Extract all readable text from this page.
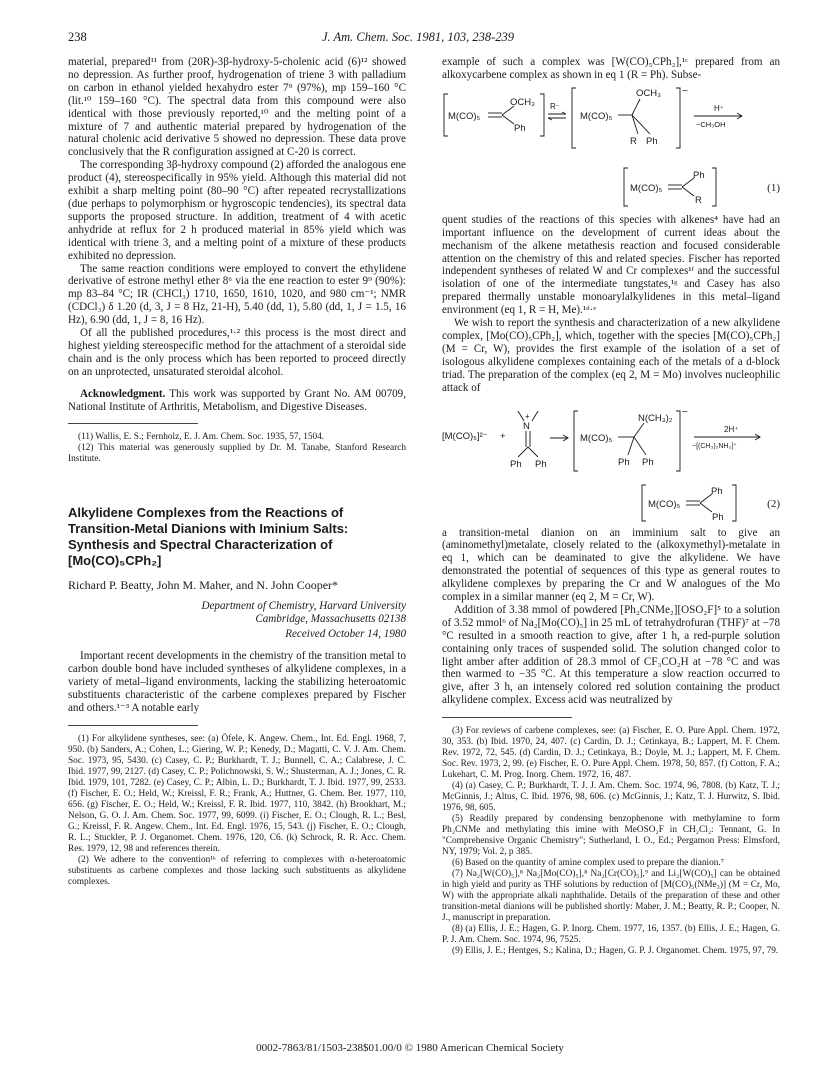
238	J. Am. Chem. Soc. 1981, 103, 238-239

material, prepared¹¹ from (20R)-3β-hydroxy-5-cholenic acid (6)¹² showed no depression. As further proof, hydrogenation of triene 3 with palladium on carbon in ethanol yielded hexahydro ester 7⁹ (97%), mp 159–160 °C (lit.¹⁰ 159–160 °C). The spectral data from this compound were also identical with those previously reported,¹⁰ and the melting point of a mixture of 7 and authentic material prepared by hydrogenation of the natural cholenic acid derivative 5 showed no depression. These data prove conclusively that the R configuration assigned at C-20 is correct.

The corresponding 3β-hydroxy compound (2) afforded the analogous ene product (4), stereospecifically in 95% yield. Although this material did not exhibit a sharp melting point (80–90 °C) after repeated recrystallizations (due perhaps to polymorphism or hygroscopic tendencies), its spectral data supports the proposed structure. In addition, treatment of 4 with acetic anhydride at reflux for 2 h produced material in 85% yield which was identical with triene 3, and a melting point of a mixture of these products exhibited no depression.

The same reaction conditions were employed to convert the ethylidene derivative of estrone methyl ether 8⁶ via the ene reaction to ester 9⁹ (90%): mp 83–84 °C; IR (CHCl₃) 1710, 1650, 1610, 1020, and 980 cm⁻¹; NMR (CDCl₃) δ 1.20 (d, 3, J = 8 Hz, 21-H), 5.40 (dd, 1), 5.80 (dd, 1, J = 1.5, 16 Hz), 6.90 (dd, 1, J = 8, 16 Hz).

Of all the published procedures,¹·² this process is the most direct and highest yielding stereospecific method for the attachment of a steroidal side chain and is the only process which has been reported to proceed directly on an unprotected, unsaturated steroidal alcohol.

Acknowledgment. This work was supported by Grant No. AM 00709, National Institute of Arthritis, Metabolism, and Digestive Diseases.

(11) Wallis, E. S.; Fernholz, E. J. Am. Chem. Soc. 1935, 57, 1504.

(12) This material was generously supplied by Dr. M. Tanabe, Stanford Research Institute.

Alkylidene Complexes from the Reactions of Transition-Metal Dianions with Iminium Salts: Synthesis and Spectral Characterization of [Mo(CO)₅CPh₂]
Richard P. Beatty, John M. Maher, and N. John Cooper*
Department of Chemistry, Harvard University
Cambridge, Massachusetts 02138
Received October 14, 1980

Important recent developments in the chemistry of the transition metal to carbon double bond have included syntheses of alkylidene complexes, in a variety of metal–ligand environments, lacking the stabilizing heteroatomic substituents characteristic of the carbene complexes prepared by Fischer and others.¹⁻³ A notable early

(1) For alkylidene syntheses, see: (a) Öfele, K. Angew. Chem., Int. Ed. Engl. 1968, 7, 950. (b) Sanders, A.; Cohen, L.; Giering, W. P.; Kenedy, D.; Magatti, C. V. J. Am. Chem. Soc. 1973, 95, 5430. (c) Casey, C. P.; Burkhardt, T. J.; Bunnell, C. A.; Calabrese, J. C. Ibid. 1977, 99, 2127. (d) Casey, C. P.; Polichnowski, S. W.; Shusterman, A. J.; Jones, C. R. Ibid. 1979, 101, 7282. (e) Casey, C. P.; Albin, L. D.; Burkhardt, T. J. Ibid. 1977, 99, 2533. (f) Fischer, E. O.; Held, W.; Kreissl, F. R.; Frank, A.; Huttner, G. Chem. Ber. 1977, 110, 656. (g) Fischer, E. O.; Held, W.; Kreissl, F. R. Ibid. 1977, 110, 3842. (h) Brookhart, M.; Nelson, G. O. J. Am. Chem. Soc. 1977, 99, 6099. (i) Fischer, E. O.; Clough, R. L.; Besl, G.; Kreissl, F. R. Angew. Chem., Int. Ed. Engl. 1976, 15, 543. (j) Fischer, E. O.; Clough, R. L.; Stuckler, P. J. Organomet. Chem. 1976, 120, C6. (k) Schrock, R. R. Acc. Chem. Res. 1979, 12, 98 and references therein.

(2) We adhere to the convention¹ᵏ of referring to complexes with α-heteroatomic substituents as carbene complexes and those lacking such substituents as alkylidene complexes.

example of such a complex was [W(CO)₅CPh₂],¹ᶜ prepared from an alkoxycarbene complex as shown in eq 1 (R = Ph). Subse-

M(CO)₅
OCH₃
Ph
R⁻
−
M(CO)₅
OCH₃
R Ph
H⁺
−CH₃OH
M(CO)₅
Ph
R
(1)

quent studies of the reactions of this species with alkenes⁴ have had an important influence on the development of current ideas about the mechanism of the alkene metathesis reaction and focused considerable attention on the chemistry of this and related species. Fischer has reported independent syntheses of related W and Cr complexes¹ᶠ and the successful isolation of one of the intermediate tungstates,¹ᵍ and Casey has also prepared thermally unstable monoarylalkylidenes in this metal–ligand environment (eq 1, R = H, Me).¹ᵈ·ᵉ

We wish to report the synthesis and characterization of a new alkylidene complex, [Mo(CO)₅CPh₂], which, together with the species [M(CO)₅CPh₂] (M = Cr, W), provides the first example of the isolation of a set of isologous alkylidene complexes containing each of the metals of a d-block triad. The preparation of the complex (eq 2, M = Mo) involves nucleophilic attack of

[M(CO)₅]²⁻ +
N
+
Ph Ph
−
M(CO)₅
N(CH₃)₂
Ph Ph
2H⁺
−[(CH₃)₂NH₂]⁺
M(CO)₅
Ph
Ph
(2)

a transition-metal dianion on an imminium salt to give an (aminomethyl)metalate, closely related to the (alkoxymethyl)-metalate in eq 1, which can be deaminated to give the alkylidene. We have demonstrated the potential of sequences of this type as general routes to alkylidene complexes by preparing the Cr and W analogues of the Mo complex in a similar manner (eq 2, M = Cr, W).

Addition of 3.38 mmol of powdered [Ph₂CNMe₂][OSO₂F]⁵ to a solution of 3.52 mmol⁶ of Na₂[Mo(CO)₅] in 25 mL of tetrahydrofuran (THF)⁷ at −78 °C resulted in a smooth reaction to give, after 1 h, a red-purple solution containing only traces of suspended solid. The solution changed color to light amber after addition of 28.3 mmol of CF₃CO₂H at −78 °C and was then warmed to −35 °C. At this temperature a slow reaction occurred to give, after 3 h, an intensely colored red solution containing the product alkylidene complex. Excess acid was neutralized by

(3) For reviews of carbene complexes, see: (a) Fischer, E. O. Pure Appl. Chem. 1972, 30, 353. (b) Ibid. 1970, 24, 407. (c) Cardin, D. J.; Cetinkaya, B.; Lappert, M. F. Chem. Rev. 1972, 72, 545. (d) Cardin, D. J.; Cetinkaya, B.; Doyle, M. J.; Lappert, M. F. Chem. Soc. Rev. 1973, 2, 99. (e) Fischer, E. O. Pure Appl. Chem. 1978, 50, 857. (f) Cotton, F. A.; Lukehart, C. M. Prog. Inorg. Chem. 1972, 16, 487.

(4) (a) Casey, C. P.; Burkhardt, T. J. J. Am. Chem. Soc. 1974, 96, 7808. (b) Katz, T. J.; McGinnis, J.; Altus, C. Ibid. 1976, 98, 606. (c) McGinnis, J.; Katz, T. J. Hurwitz, S. Ibid. 1976, 98, 605.

(5) Readily prepared by condensing benzophenone with methylamine to form Ph₂CNMe and methylating this imine with MeOSO₂F in CH₂Cl₂: Tennant, G. In "Comprehensive Organic Chemistry"; Sutherland, I. O., Ed.; Pergamon Press: Elmsford, NY, 1979; Vol. 2, p 385.

(6) Based on the quantity of amine complex used to prepare the dianion.⁷

(7) Na₂[W(CO)₅],⁸ Na₂[Mo(CO)₅],⁸ Na₂[Cr(CO)₅],⁹ and Li₂[W(CO)₅] can be obtained in high yield and purity as THF solutions by reduction of [M(CO)₅(NMe₃)] (M = Cr, Mo, W) with the appropriate alkali naphthalide. Details of the preparation of these and other transition-metal dianions will be published shortly: Maher, J. M.; Beatty, R. P.; Cooper, N. J., manuscript in preparation.

(8) (a) Ellis, J. E.; Hagen, G. P. Inorg. Chem. 1977, 16, 1357. (b) Ellis, J. E.; Hagen, G. P. J. Am. Chem. Soc. 1974, 96, 7525.

(9) Ellis, J. E.; Hentges, S.; Kalina, D.; Hagen, G. P. J. Organomet. Chem. 1975, 97, 79.

0002-7863/81/1503-238$01.00/0 © 1980 American Chemical Society
